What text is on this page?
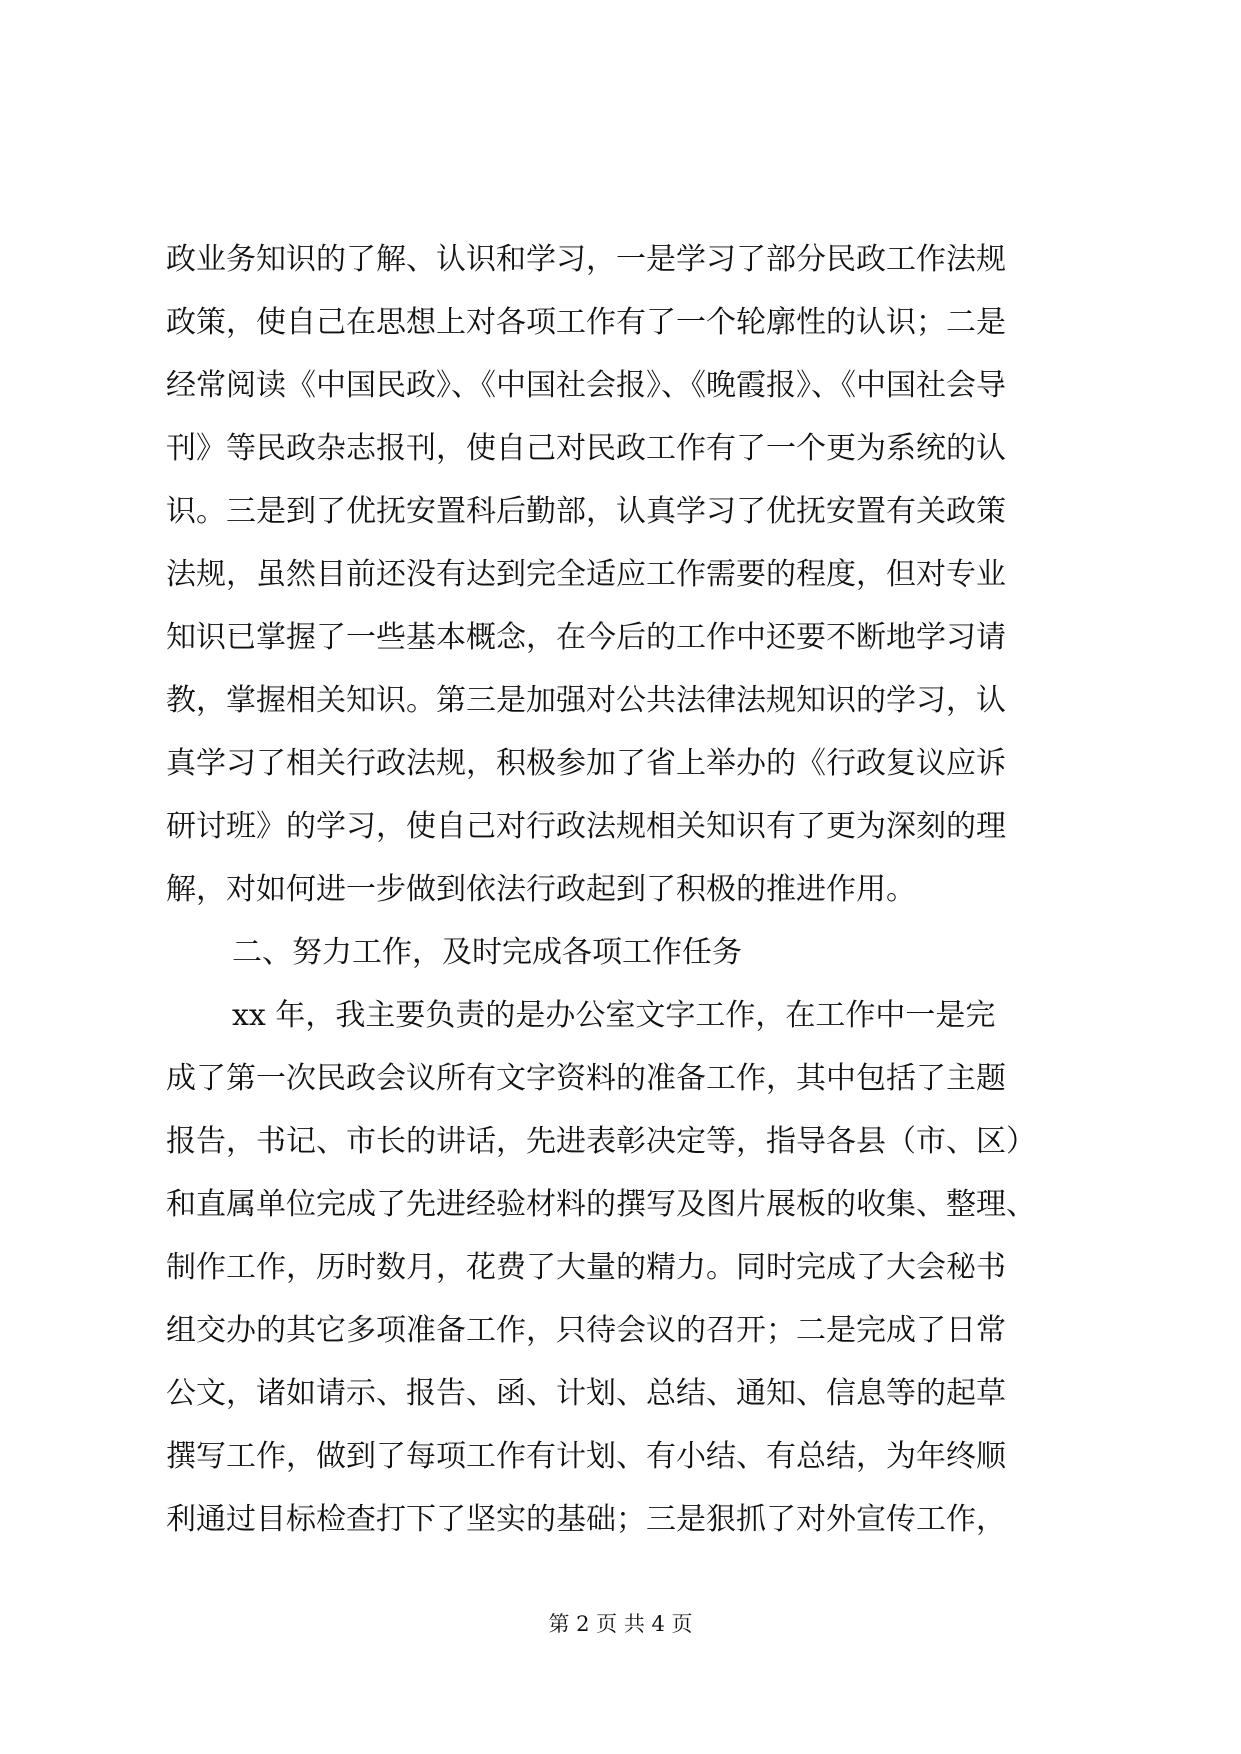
政业务知识的了解、认识和学习，一是学习了部分民政工作法规
政策，使自己在思想上对各项工作有了一个轮廓性的认识；二是
经常阅读《中国民政》、《中国社会报》、《晚霞报》、《中国社会导
刊》等民政杂志报刊，使自己对民政工作有了一个更为系统的认
识。三是到了优抚安置科后勤部，认真学习了优抚安置有关政策
法规，虽然目前还没有达到完全适应工作需要的程度，但对专业
知识已掌握了一些基本概念，在今后的工作中还要不断地学习请
教，掌握相关知识。第三是加强对公共法律法规知识的学习，认
真学习了相关行政法规，积极参加了省上举办的《行政复议应诉
研讨班》的学习，使自己对行政法规相关知识有了更为深刻的理
解，对如何进一步做到依法行政起到了积极的推进作用。
二、努力工作，及时完成各项工作任务
xx 年，我主要负责的是办公室文字工作，在工作中一是完
成了第一次民政会议所有文字资料的准备工作，其中包括了主题
报告，书记、市长的讲话，先进表彰决定等，指导各县（市、区）
和直属单位完成了先进经验材料的撰写及图片展板的收集、整理、
制作工作，历时数月，花费了大量的精力。同时完成了大会秘书
组交办的其它多项准备工作，只待会议的召开；二是完成了日常
公文，诸如请示、报告、函、计划、总结、通知、信息等的起草
撰写工作，做到了每项工作有计划、有小结、有总结，为年终顺
利通过目标检查打下了坚实的基础；三是狠抓了对外宣传工作，
第 2 页 共 4 页
